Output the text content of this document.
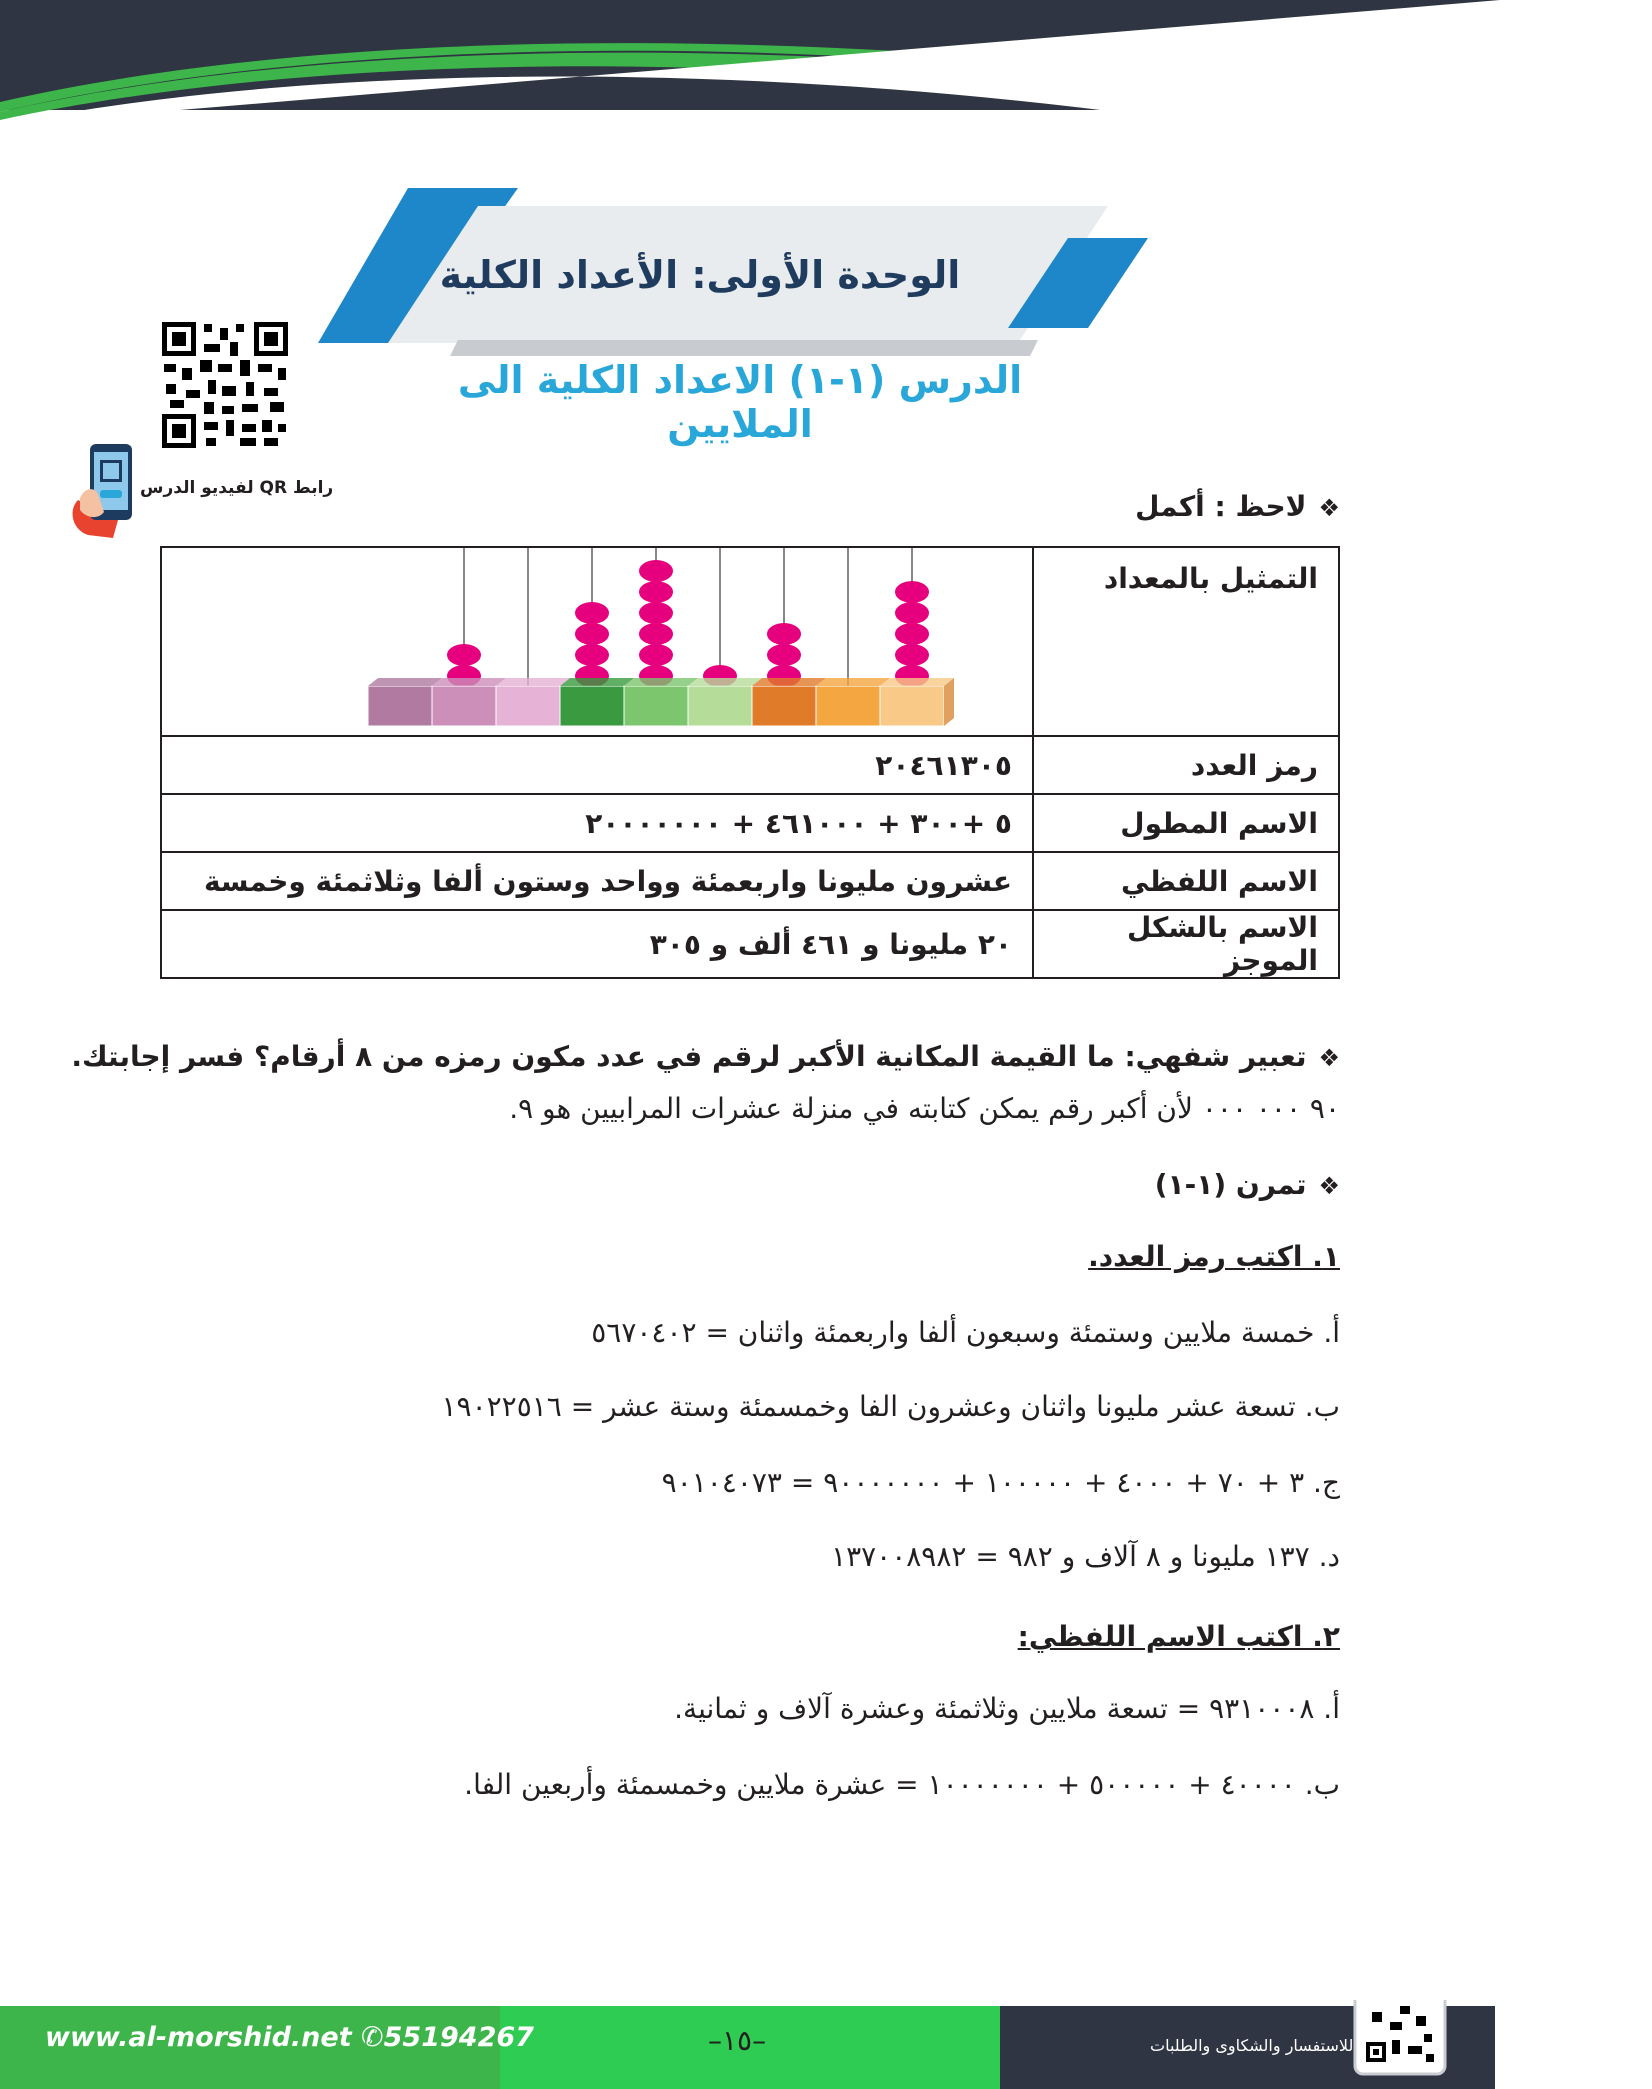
الوحدة الأولى: الأعداد الكلية
الدرس (١-١) الاعداد الكلية الى الملايين
رابط QR لفيديو الدرس
❖لاحظ : أكمل
التمثيل بالمعداد	
رمز العدد	٢٠٤٦١٣٠٥
الاسم المطول	٥ +٣٠٠ + ٤٦١٠٠٠ + ٢٠٠٠٠٠٠٠
الاسم اللفظي	عشرون مليونا واربعمئة وواحد وستون ألفا وثلاثمئة وخمسة
الاسم بالشكل الموجز	٢٠ مليونا و ٤٦١ ألف و ٣٠٥
❖تعبير شفهي: ما القيمة المكانية الأكبر لرقم في عدد مكون رمزه من ٨ أرقام؟ فسر إجابتك.
٩٠ ٠٠٠ ٠٠٠ لأن أكبر رقم يمكن كتابته في منزلة عشرات المرابيين هو ٩.
❖تمرن (١-١)
١. اكتب رمز العدد.
أ. خمسة ملايين وستمئة وسبعون ألفا واربعمئة واثنان = ٥٦٧٠٤٠٢
ب. تسعة عشر مليونا واثنان وعشرون الفا وخمسمئة وستة عشر = ١٩٠٢٢٥١٦
ج. ٣ + ٧٠ + ٤٠٠٠ + ١٠٠٠٠٠ + ٩٠٠٠٠٠٠٠ = ٩٠١٠٤٠٧٣
د. ١٣٧ مليونا و ٨ آلاف و ٩٨٢ = ١٣٧٠٠٨٩٨٢
٢. اكتب الاسم اللفظي:
أ. ٩٣١٠٠٠٨ = تسعة ملايين وثلاثمئة وعشرة آلاف و ثمانية.
ب. ٤٠٠٠٠ + ٥٠٠٠٠٠ + ١٠٠٠٠٠٠٠ = عشرة ملايين وخمسمئة وأربعين الفا.
www.al-morshid.net ✆55194267	–١٥–	للاستفسار والشكاوى والطلبات
